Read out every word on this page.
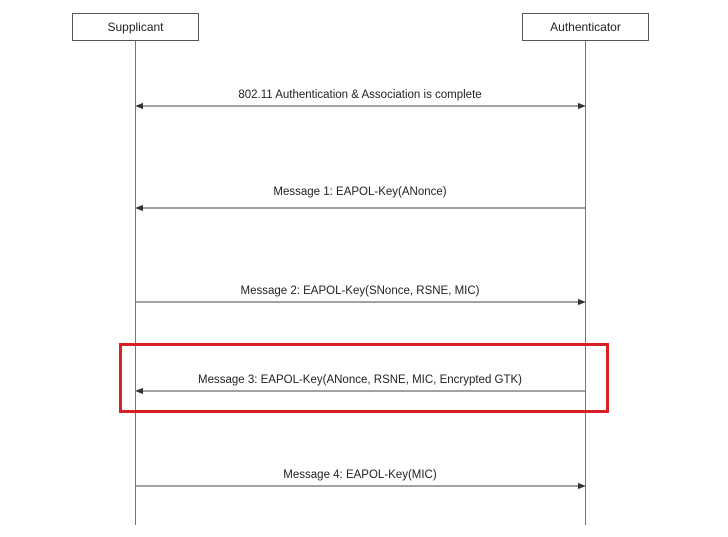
Supplicant	Authenticator
802.11 Authentication & Association is complete
Message 1: EAPOL-Key(ANonce)
Message 2: EAPOL-Key(SNonce, RSNE, MIC)
Message 3: EAPOL-Key(ANonce, RSNE, MIC, Encrypted GTK)
Message 4: EAPOL-Key(MIC)
